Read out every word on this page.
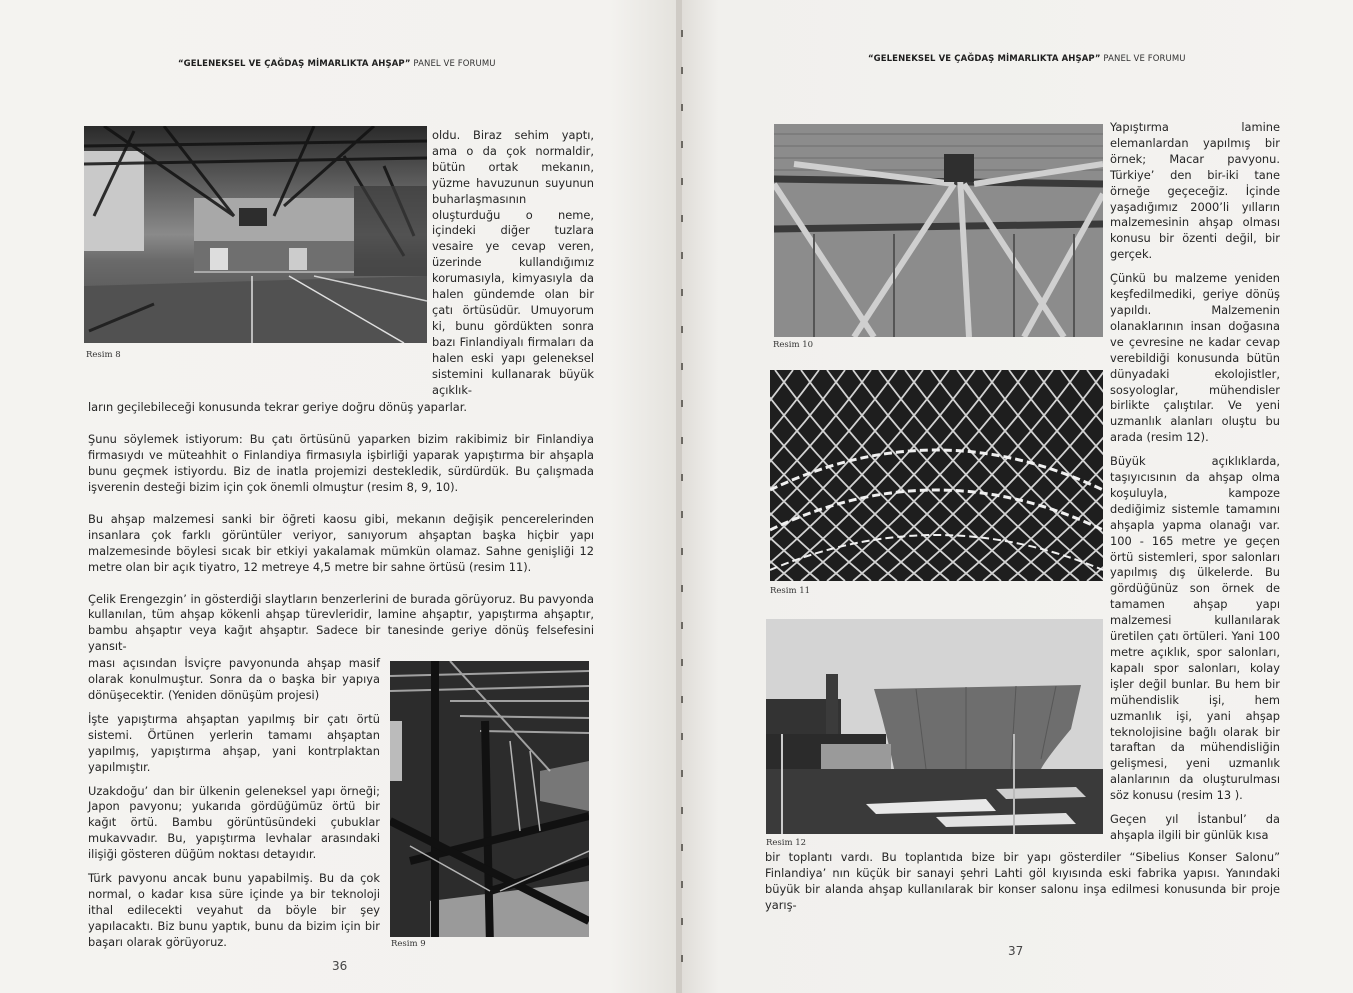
“GELENEKSEL VE ÇAĞDAŞ MİMARLIKTA AHŞAP” PANEL VE FORUMU
Resim 8

oldu. Biraz sehim yaptı, ama o da çok normaldir, bütün ortak mekanın, yüzme havuzunun suyunun buharlaşmasının oluşturduğu o neme, içindeki diğer tuzlara vesaire ye cevap veren, üzerinde kullandığımız korumasıyla, kimyasıyla da halen gündemde olan bir çatı örtüsüdür. Umuyorum ki, bunu gördükten sonra bazı Finlandiyalı firmaları da halen eski yapı geleneksel sistemini kullanarak büyük açıklık-

ların geçilebileceği konusunda tekrar geriye doğru dönüş yaparlar.

Şunu söylemek istiyorum: Bu çatı örtüsünü yaparken bizim rakibimiz bir Finlandiya firmasıydı ve müteahhit o Finlandiya firmasıyla işbirliği yaparak yapıştırma bir ahşapla bunu geçmek istiyordu. Biz de inatla projemizi destekledik, sürdürdük. Bu çalışmada işverenin desteği bizim için çok önemli olmuştur (resim 8, 9, 10).

Bu ahşap malzemesi sanki bir öğreti kaosu gibi, mekanın değişik pencerelerinden insanlara çok farklı görüntüler veriyor, sanıyorum ahşaptan başka hiçbir yapı malzemesinde böylesi sıcak bir etkiyi yakalamak mümkün olamaz. Sahne genişliği 12 metre olan bir açık tiyatro, 12 metreye 4,5 metre bir sahne örtüsü (resim 11).

Çelik Erengezgin’ in gösterdiği slaytların benzerlerini de burada görüyoruz. Bu pavyonda kullanılan, tüm ahşap kökenli ahşap türevleridir, lamine ahşaptır, yapıştırma ahşaptır, bambu ahşaptır veya kağıt ahşaptır. Sadece bir tanesinde geriye dönüş felsefesini yansıt-

ması açısından İsviçre pavyonunda ahşap masif olarak konulmuştur. Sonra da o başka bir yapıya dönüşecektir. (Yeniden dönüşüm projesi)

İşte yapıştırma ahşaptan yapılmış bir çatı örtü sistemi. Örtünen yerlerin tamamı ahşaptan yapılmış, yapıştırma ahşap, yani kontrplaktan yapılmıştır.

Uzakdoğu’ dan bir ülkenin geleneksel yapı örneği; Japon pavyonu; yukarıda gördüğümüz örtü bir kağıt örtü. Bambu görüntüsündeki çubuklar mukavvadır. Bu, yapıştırma levhalar arasındaki ilişiği gösteren düğüm noktası detayıdır.

Türk pavyonu ancak bunu yapabilmiş. Bu da çok normal, o kadar kısa süre içinde ya bir teknoloji ithal edilecekti veyahut da böyle bir şey yapılacaktı. Biz bunu yaptık, bunu da bizim için bir başarı olarak görüyoruz.	Resim 9
36
“GELENEKSEL VE ÇAĞDAŞ MİMARLIKTA AHŞAP” PANEL VE FORUMU
Resim 10
Resim 11
Resim 12

Yapıştırma lamine elemanlardan yapılmış bir örnek; Macar pavyonu. Türkiye’ den bir-iki tane örneğe geçeceğiz. İçinde yaşadığımız 2000’li yılların malzemesinin ahşap olması konusu bir özenti değil, bir gerçek.

Çünkü bu malzeme yeniden keşfedilmediki, geriye dönüş yapıldı. Malzemenin olanaklarının insan doğasına ve çevresine ne kadar cevap verebildiği konusunda bütün dünyadaki ekolojistler, sosyologlar, mühendisler birlikte çalıştılar. Ve yeni uzmanlık alanları oluştu bu arada (resim 12).

Büyük açıklıklarda, taşıyıcısının da ahşap olma koşuluyla, kampoze dediğimiz sistemle tamamını ahşapla yapma olanağı var. 100 - 165 metre ye geçen örtü sistemleri, spor salonları yapılmış dış ülkelerde. Bu gördüğünüz son örnek de tamamen ahşap yapı malzemesi kullanılarak üretilen çatı örtüleri. Yani 100 metre açıklık, spor salonları, kapalı spor salonları, kolay işler değil bunlar. Bu hem bir mühendislik işi, hem uzmanlık işi, yani ahşap teknolojisine bağlı olarak bir taraftan da mühendisliğin gelişmesi, yeni uzmanlık alanlarının da oluşturulması söz konusu (resim 13 ).

Geçen yıl İstanbul’ da ahşapla ilgili bir günlük kısa

bir toplantı vardı. Bu toplantıda bize bir yapı gösterdiler “Sibelius Konser Salonu” Finlandiya’ nın küçük bir sanayi şehri Lahti göl kıyısında eski fabrika yapısı. Yanındaki büyük bir alanda ahşap kullanılarak bir konser salonu inşa edilmesi konusunda bir proje yarış-

37
